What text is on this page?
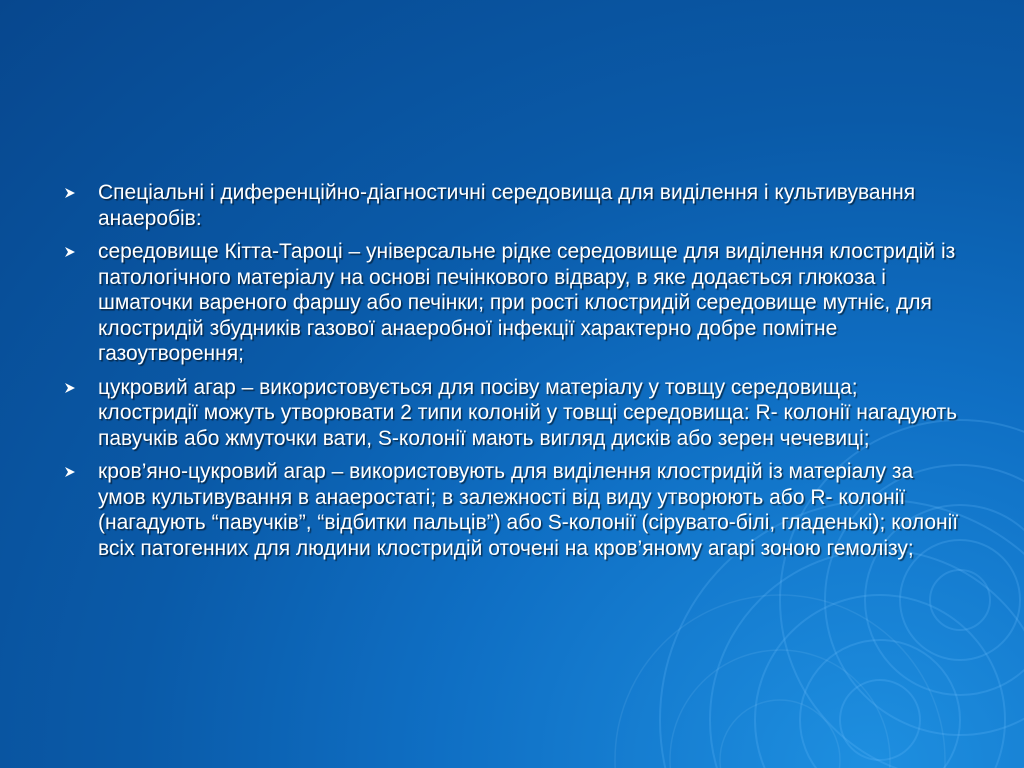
Спеціальні і диференційно-діагностичні середовища для виділення і культивування анаеробів:
середовище Кітта-Тароці – універсальне рідке середовище для виділення клостридій із патологічного матеріалу на основі печінкового відвару, в яке додається глюкоза і шматочки вареного фаршу або печінки; при рості клостридій середовище мутніє, для клостридій збудників газової анаеробної інфекції характерно добре помітне газоутворення;
цукровий агар – використовується для посіву матеріалу у товщу середовища; клостридії можуть утворювати 2 типи колоній у товщі середовища: R- колонії нагадують павучків або жмуточки вати, S-колонії мають вигляд дисків або зерен чечевиці;
кров’яно-цукровий агар – використовують для виділення клостридій із матеріалу за умов культивування в анаеростаті; в залежності від виду утворюють або R- колонії (нагадують “павучків”, “відбитки пальців”) або S-колонії (сірувато-білі, гладенькі); колонії всіх патогенних для людини клостридій оточені на кров’яному агарі зоною гемолізу;
